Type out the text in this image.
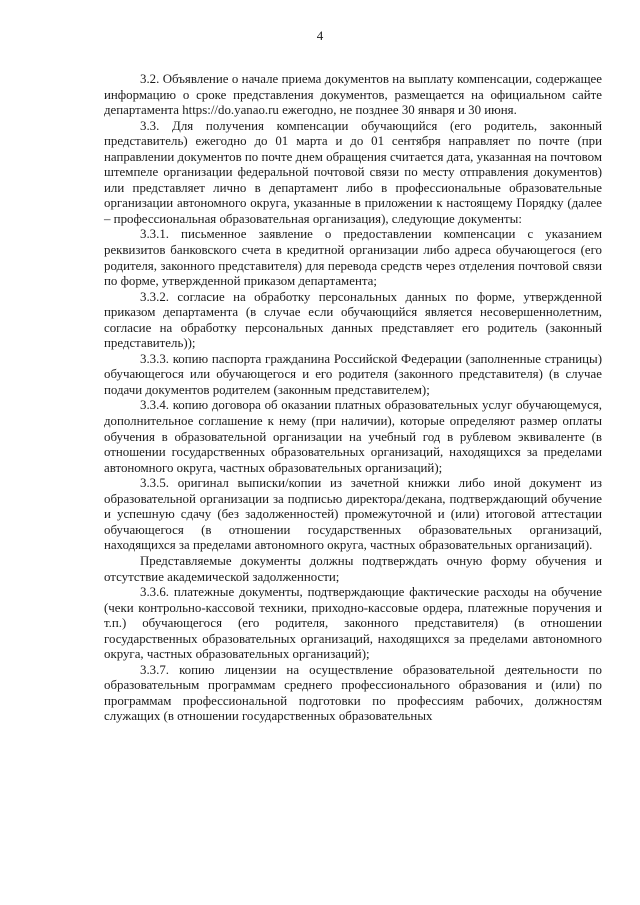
4

3.2. Объявление о начале приема документов на выплату компенсации, содержащее информацию о сроке представления документов, размещается на официальном сайте департамента https://do.yanao.ru ежегодно, не позднее 30 января и 30 июня.

3.3. Для получения компенсации обучающийся (его родитель, законный представитель) ежегодно до 01 марта и до 01 сентября направляет по почте (при направлении документов по почте днем обращения считается дата, указанная на почтовом штемпеле организации федеральной почтовой связи по месту отправления документов) или представляет лично в департамент либо в профессиональные образовательные организации автономного округа, указанные в приложении к настоящему Порядку (далее – профессиональная образовательная организация), следующие документы:

3.3.1. письменное заявление о предоставлении компенсации с указанием реквизитов банковского счета в кредитной организации либо адреса обучающегося (его родителя, законного представителя) для перевода средств через отделения почтовой связи по форме, утвержденной приказом департамента;

3.3.2. согласие на обработку персональных данных по форме, утвержденной приказом департамента (в случае если обучающийся является несовершеннолетним, согласие на обработку персональных данных представляет его родитель (законный представитель));

3.3.3. копию паспорта гражданина Российской Федерации (заполненные страницы) обучающегося или обучающегося и его родителя (законного представителя) (в случае подачи документов родителем (законным представителем);

3.3.4. копию договора об оказании платных образовательных услуг обучающемуся, дополнительное соглашение к нему (при наличии), которые определяют размер оплаты обучения в образовательной организации на учебный год в рублевом эквиваленте (в отношении государственных образовательных организаций, находящихся за пределами автономного округа, частных образовательных организаций);

3.3.5. оригинал выписки/копии из зачетной книжки либо иной документ из образовательной организации за подписью директора/декана, подтверждающий обучение и успешную сдачу (без задолженностей) промежуточной и (или) итоговой аттестации обучающегося (в отношении государственных образовательных организаций, находящихся за пределами автономного округа, частных образовательных организаций).

Представляемые документы должны подтверждать очную форму обучения и отсутствие академической задолженности;

3.3.6. платежные документы, подтверждающие фактические расходы на обучение (чеки контрольно-кассовой техники, приходно-кассовые ордера, платежные поручения и т.п.) обучающегося (его родителя, законного представителя) (в отношении государственных образовательных организаций, находящихся за пределами автономного округа, частных образовательных организаций);

3.3.7. копию лицензии на осуществление образовательной деятельности по образовательным программам среднего профессионального образования и (или) по программам профессиональной подготовки по профессиям рабочих, должностям служащих (в отношении государственных образовательных
